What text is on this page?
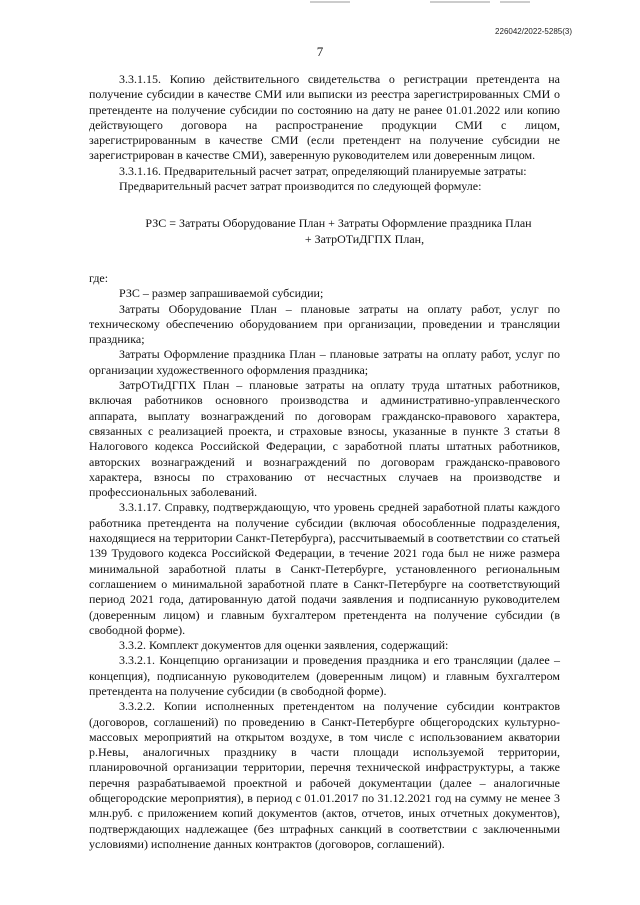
226042/2022-5285(3)
7

3.3.1.15. Копию действительного свидетельства о регистрации претендента на получение субсидии в качестве СМИ или выписки из реестра зарегистрированных СМИ о претенденте на получение субсидии по состоянию на дату не ранее 01.01.2022 или копию действующего договора на распространение продукции СМИ с лицом, зарегистрированным в качестве СМИ (если претендент на получение субсидии не зарегистрирован в качестве СМИ), заверенную руководителем или доверенным лицом.

3.3.1.16. Предварительный расчет затрат, определяющий планируемые затраты:

Предварительный расчет затрат производится по следующей формуле:

РЗС = Затраты Оборудование План + Затраты Оформление праздника План

+ ЗатрОТиДГПХ План,

где:

РЗС – размер запрашиваемой субсидии;

Затраты Оборудование План – плановые затраты на оплату работ, услуг по техническому обеспечению оборудованием при организации, проведении и трансляции праздника;

Затраты Оформление праздника План – плановые затраты на оплату работ, услуг по организации художественного оформления праздника;

ЗатрОТиДГПХ План – плановые затраты на оплату труда штатных работников, включая работников основного производства и административно-управленческого аппарата, выплату вознаграждений по договорам гражданско-правового характера, связанных с реализацией проекта, и страховые взносы, указанные в пункте 3 статьи 8 Налогового кодекса Российской Федерации, с заработной платы штатных работников, авторских вознаграждений и вознаграждений по договорам гражданско-правового характера, взносы по страхованию от несчастных случаев на производстве и профессиональных заболеваний.

3.3.1.17. Справку, подтверждающую, что уровень средней заработной платы каждого работника претендента на получение субсидии (включая обособленные подразделения, находящиеся на территории Санкт-Петербурга), рассчитываемый в соответствии со статьей 139 Трудового кодекса Российской Федерации, в течение 2021 года был не ниже размера минимальной заработной платы в Санкт-Петербурге, установленного региональным соглашением о минимальной заработной плате в Санкт-Петербурге на соответствующий период 2021 года, датированную датой подачи заявления и подписанную руководителем (доверенным лицом) и главным бухгалтером претендента на получение субсидии (в свободной форме).

3.3.2. Комплект документов для оценки заявления, содержащий:

3.3.2.1. Концепцию организации и проведения праздника и его трансляции (далее – концепция), подписанную руководителем (доверенным лицом) и главным бухгалтером претендента на получение субсидии (в свободной форме).

3.3.2.2. Копии исполненных претендентом на получение субсидии контрактов (договоров, соглашений) по проведению в Санкт-Петербурге общегородских культурно-массовых мероприятий на открытом воздухе, в том числе с использованием акватории р.Невы, аналогичных празднику в части площади используемой территории, планировочной организации территории, перечня технической инфраструктуры, а также перечня разрабатываемой проектной и рабочей документации (далее – аналогичные общегородские мероприятия), в период с 01.01.2017 по 31.12.2021 год на сумму не менее 3 млн.руб. с приложением копий документов (актов, отчетов, иных отчетных документов), подтверждающих надлежащее (без штрафных санкций в соответствии с заключенными условиями) исполнение данных контрактов (договоров, соглашений).
